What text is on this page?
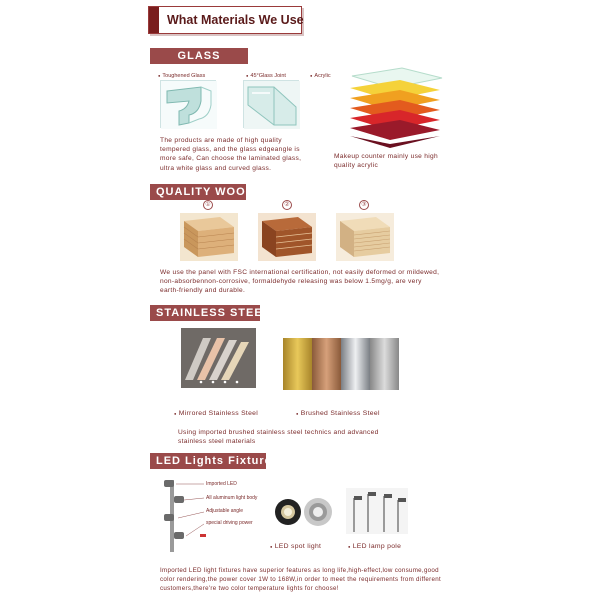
What Materials We Use
GLASS
● Toughened Glass	● 45°Glass Joint	● Acrylic
The products are made of high quality tempered glass, and the glass edgeangle is more safe, Can choose the laminated glass, ultra white glass and curved glass.
Makeup counter mainly use high quality acrylic
QUALITY WOOD
①	②	③
We use the panel with FSC international certification, not easily deformed or mildewed, non-absorbennon-corrosive, formaldehyde releasing was below 1.5mg/g, are very earth-friendly and durable.
STAINLESS STEEL
● Mirrored Stainless Steel	● Brushed Stainless Steel
Using imported brushed stainless steel technics and advanced stainless steel materials
LED Lights Fixtures
Imported LED
All aluminum light body
Adjustable angle
special driving power
● LED spot light	● LED lamp pole
Imported LED light fixtures have superior features as long life,high-effect,low consume,good color rendering,the power cover 1W to 168W,in order to meet the requirements from different customers,there're two color temperature lights for choose!
